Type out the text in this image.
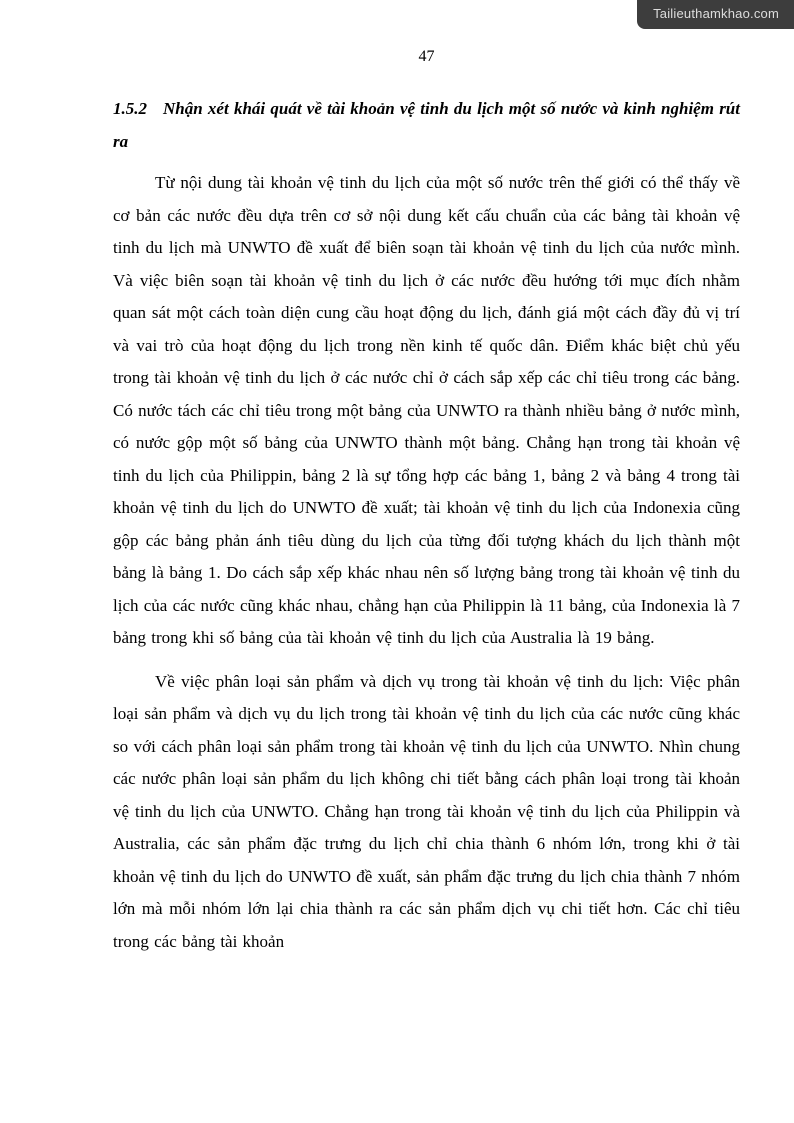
Tailieuthamkhao.com
47
1.5.2 Nhận xét khái quát về tài khoản vệ tinh du lịch một số nước và kinh nghiệm rút ra

Từ nội dung tài khoản vệ tinh du lịch của một số nước trên thế giới có thể thấy về cơ bản các nước đều dựa trên cơ sở nội dung kết cấu chuẩn của các bảng tài khoản vệ tinh du lịch mà UNWTO đề xuất để biên soạn tài khoản vệ tinh du lịch của nước mình. Và việc biên soạn tài khoản vệ tinh du lịch ở các nước đều hướng tới mục đích nhằm quan sát một cách toàn diện cung cầu hoạt động du lịch, đánh giá một cách đầy đủ vị trí và vai trò của hoạt động du lịch trong nền kinh tế quốc dân. Điểm khác biệt chủ yếu trong tài khoản vệ tinh du lịch ở các nước chỉ ở cách sắp xếp các chỉ tiêu trong các bảng. Có nước tách các chỉ tiêu trong một bảng của UNWTO ra thành nhiều bảng ở nước mình, có nước gộp một số bảng của UNWTO thành một bảng. Chẳng hạn trong tài khoản vệ tinh du lịch của Philippin, bảng 2 là sự tổng hợp các bảng 1, bảng 2 và bảng 4 trong tài khoản vệ tinh du lịch do UNWTO đề xuất; tài khoản vệ tinh du lịch của Indonexia cũng gộp các bảng phản ánh tiêu dùng du lịch của từng đối tượng khách du lịch thành một bảng là bảng 1. Do cách sắp xếp khác nhau nên số lượng bảng trong tài khoản vệ tinh du lịch của các nước cũng khác nhau, chẳng hạn của Philippin là 11 bảng, của Indonexia là 7 bảng trong khi số bảng của tài khoản vệ tinh du lịch của Australia là 19 bảng.

Về việc phân loại sản phẩm và dịch vụ trong tài khoản vệ tinh du lịch: Việc phân loại sản phẩm và dịch vụ du lịch trong tài khoản vệ tinh du lịch của các nước cũng khác so với cách phân loại sản phẩm trong tài khoản vệ tinh du lịch của UNWTO. Nhìn chung các nước phân loại sản phẩm du lịch không chi tiết bằng cách phân loại trong tài khoản vệ tinh du lịch của UNWTO. Chẳng hạn trong tài khoản vệ tinh du lịch của Philippin và Australia, các sản phẩm đặc trưng du lịch chỉ chia thành 6 nhóm lớn, trong khi ở tài khoản vệ tinh du lịch do UNWTO đề xuất, sản phẩm đặc trưng du lịch chia thành 7 nhóm lớn mà mỗi nhóm lớn lại chia thành ra các sản phẩm dịch vụ chi tiết hơn. Các chỉ tiêu trong các bảng tài khoản
